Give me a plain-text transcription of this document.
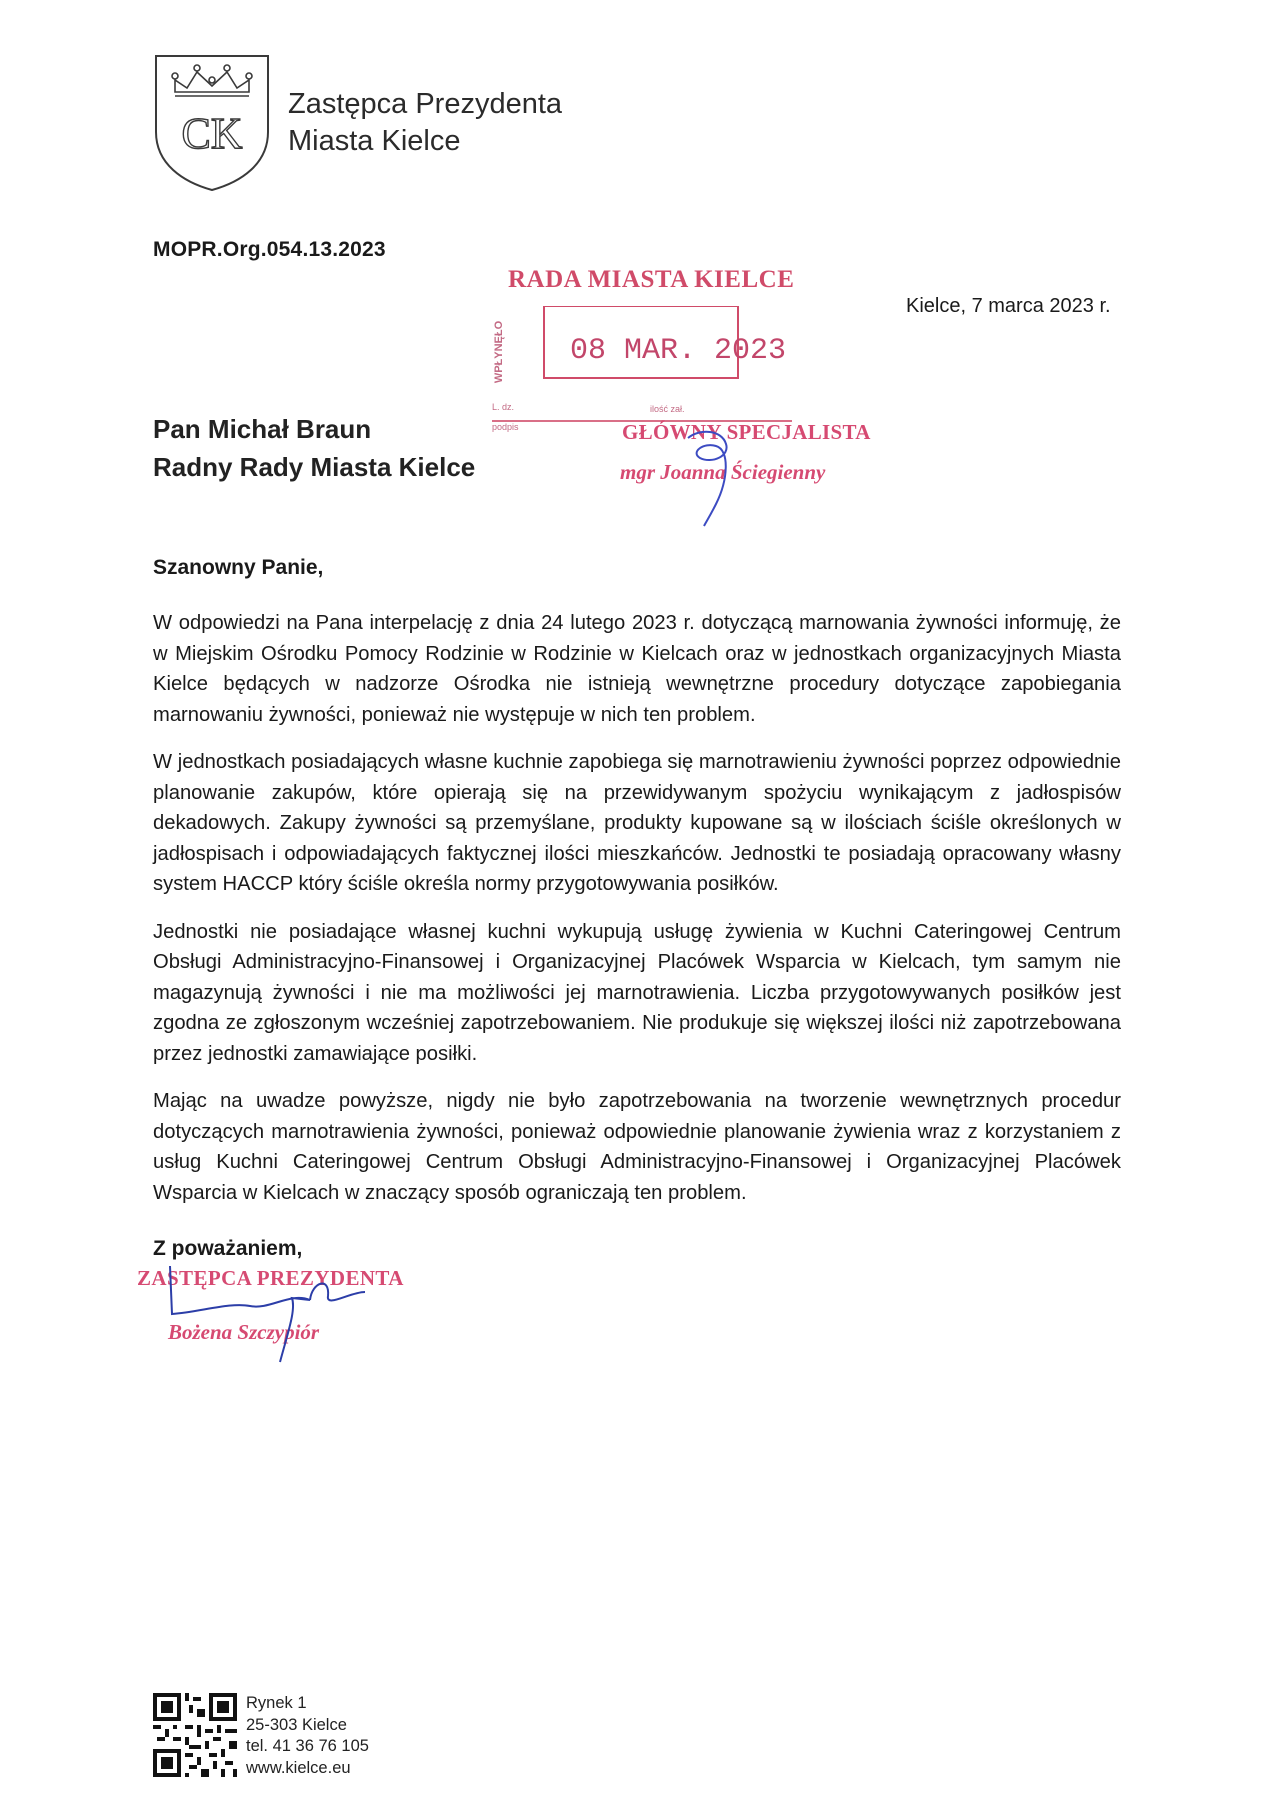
CK
Zastępca Prezydenta
Miasta Kielce
MOPR.Org.054.13.2023
Kielce, 7 marca 2023 r.
Pan Michał Braun
Radny Rady Miasta Kielce
RADA MIASTA KIELCE
WPŁYNĘŁO 08 MAR. 2023
L. dz.
podpis
ilość zał.
GŁÓWNY SPECJALISTA
mgr Joanna Ściegienny
Szanowny Panie,

W odpowiedzi na Pana interpelację z dnia 24 lutego 2023 r. dotyczącą marnowania żywności informuję, że w Miejskim Ośrodku Pomocy Rodzinie w Rodzinie w Kielcach oraz w jednostkach organizacyjnych Miasta Kielce będących w nadzorze Ośrodka nie istnieją wewnętrzne procedury dotyczące zapobiegania marnowaniu żywności, ponieważ nie występuje w nich ten problem.

W jednostkach posiadających własne kuchnie zapobiega się marnotrawieniu żywności poprzez odpowiednie planowanie zakupów, które opierają się na przewidywanym spożyciu wynikającym z jadłospisów dekadowych. Zakupy żywności są przemyślane, produkty kupowane są w ilościach ściśle określonych w jadłospisach i odpowiadających faktycznej ilości mieszkańców. Jednostki te posiadają opracowany własny system HACCP który ściśle określa normy przygotowywania posiłków.

Jednostki nie posiadające własnej kuchni wykupują usługę żywienia w Kuchni Cateringowej Centrum Obsługi Administracyjno-Finansowej i Organizacyjnej Placówek Wsparcia w Kielcach, tym samym nie magazynują żywności i nie ma możliwości jej marnotrawienia. Liczba przygotowywanych posiłków jest zgodna ze zgłoszonym wcześniej zapotrzebowaniem. Nie produkuje się większej ilości niż zapotrzebowana przez jednostki zamawiające posiłki.

Mając na uwadze powyższe, nigdy nie było zapotrzebowania na tworzenie wewnętrznych procedur dotyczących marnotrawienia żywności, ponieważ odpowiednie planowanie żywienia wraz z korzystaniem z usług Kuchni Cateringowej Centrum Obsługi Administracyjno-Finansowej i Organizacyjnej Placówek Wsparcia w Kielcach w znaczący sposób ograniczają ten problem.

Z poważaniem,
ZASTĘPCA PREZYDENTA
Bożena Szczypiór
Rynek 1
25-303 Kielce
tel. 41 36 76 105
www.kielce.eu
